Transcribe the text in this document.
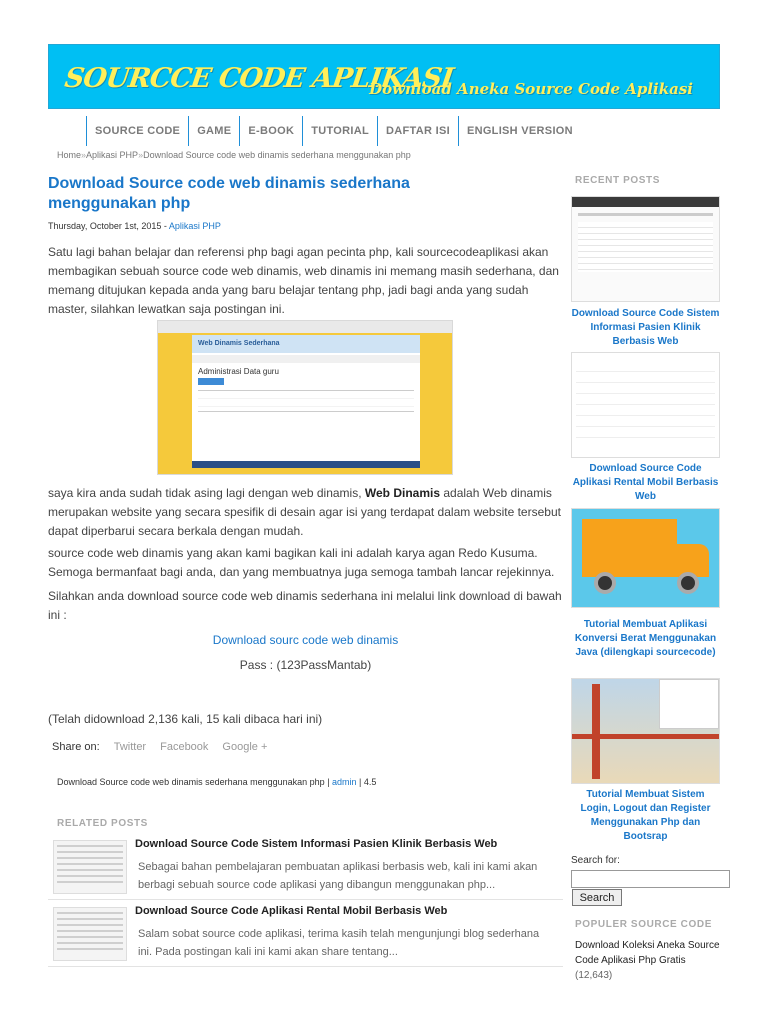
SOURCCE CODE APLIKASI
Download Aneka Source Code Aplikasi
SOURCE CODE	GAME	E-BOOK	TUTORIAL	DAFTAR ISI	ENGLISH VERSION
Home»Aplikasi PHP»Download Source code web dinamis sederhana menggunakan php
Download Source code web dinamis sederhana menggunakan php
Thursday, October 1st, 2015 - Aplikasi PHP

Satu lagi bahan belajar dan referensi php bagi agan pecinta php, kali sourcecodeaplikasi akan membagikan sebuah source code web dinamis, web dinamis ini memang masih sederhana, dan memang ditujukan kepada anda yang baru belajar tentang php, jadi bagi anda yang sudah master, silahkan lewatkan saja postingan ini.

Web Dinamis Sederhana
Administrasi Data guru

saya kira anda sudah tidak asing lagi dengan web dinamis, Web Dinamis adalah Web dinamis merupakan website yang secara spesifik di desain agar isi yang terdapat dalam website tersebut dapat diperbarui secara berkala dengan mudah.

source code web dinamis yang akan kami bagikan kali ini adalah karya agan Redo Kusuma. Semoga bermanfaat bagi anda, dan yang membuatnya juga semoga tambah lancar rejekinnya.

Silahkan anda download source code web dinamis sederhana ini melalui link download di bawah ini :

Download sourc code web dinamis
Pass : (123PassMantab)

(Telah didownload 2,136 kali, 15 kali dibaca hari ini)

Share on: Twitter Facebook Google +
Download Source code web dinamis sederhana menggunakan php | admin | 4.5
RELATED POSTS
Download Source Code Sistem Informasi Pasien Klinik Berbasis Web
Sebagai bahan pembelajaran pembuatan aplikasi berbasis web, kali ini kami akan berbagi sebuah source code aplikasi yang dibangun menggunakan php...
Download Source Code Aplikasi Rental Mobil Berbasis Web
Salam sobat source code aplikasi, terima kasih telah mengunjungi blog sederhana ini. Pada postingan kali ini kami akan share tentang...
RECENT POSTS
Download Source Code Sistem Informasi Pasien Klinik Berbasis Web
Download Source Code Aplikasi Rental Mobil Berbasis Web
Tutorial Membuat Aplikasi Konversi Berat Menggunakan Java (dilengkapi sourcecode)
Tutorial Membuat Sistem Login, Logout dan Register Menggunakan Php dan Bootsrap
Search for:
Search
POPULER SOURCE CODE
Download Koleksi Aneka Source Code Aplikasi Php Gratis (12,643)
